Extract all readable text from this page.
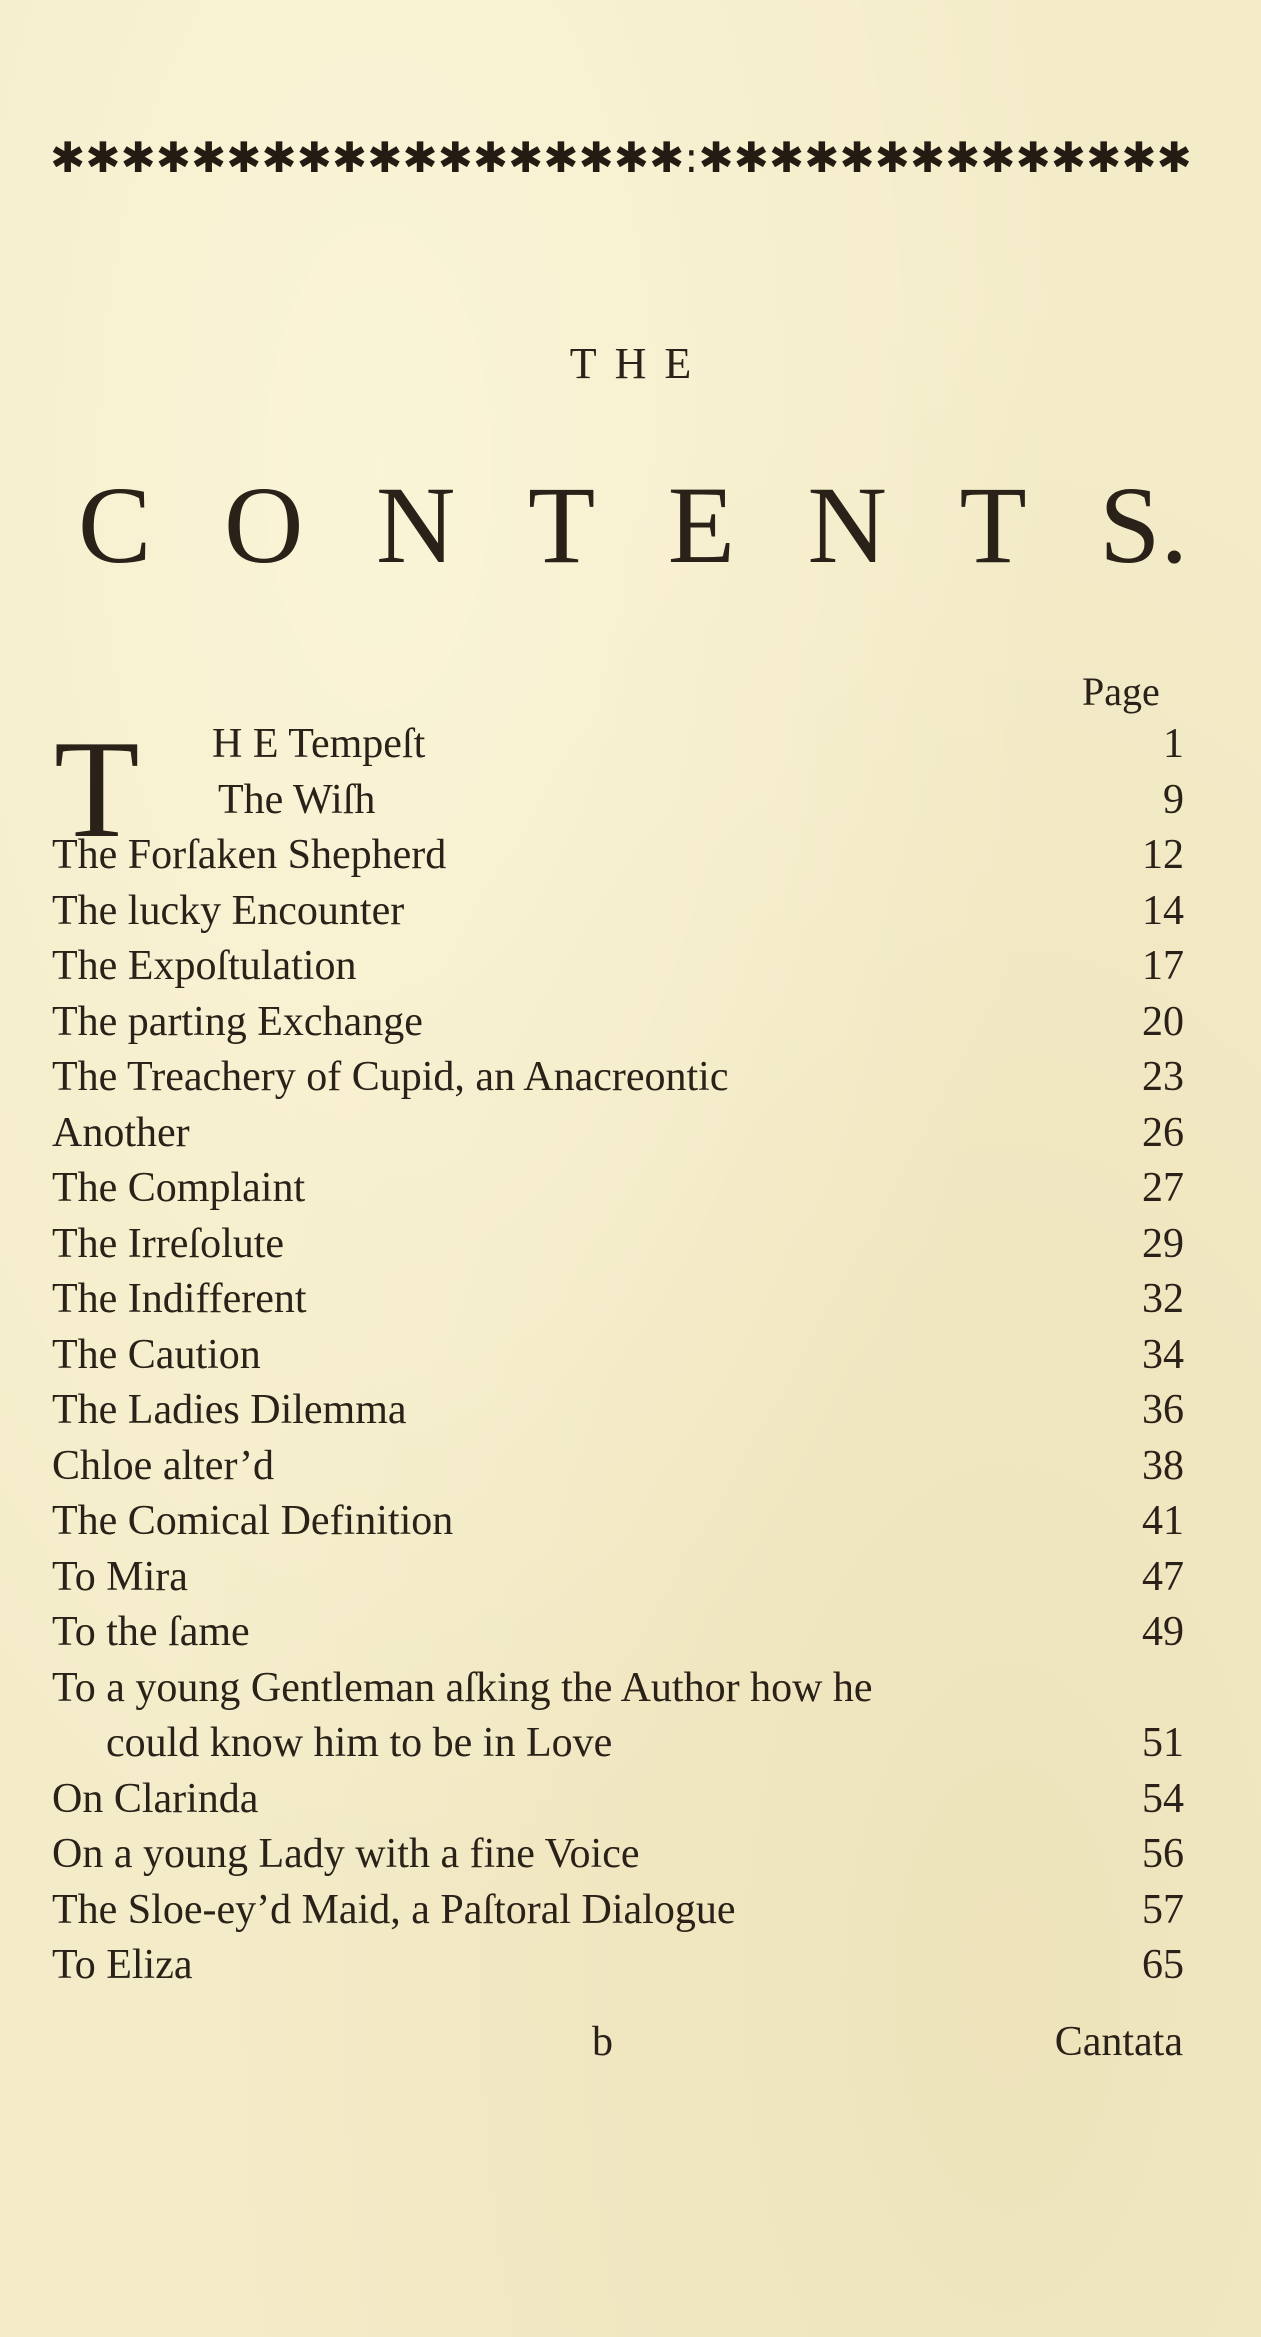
✱ ✱ ✱ ✱ ✱ ✱ ✱ ✱ ✱ ✱ ✱ ✱ ✱ ✱ ✱ ✱ ✱ ✱ : ✱ ✱ ✱ ✱ ✱ ✱ ✱ ✱ ✱ ✱ ✱ ✱ ✱ ✱
THE
C O N T E N T S.
Page
T H E Tempeſt	1
The Wiſh	9
The Forſaken Shepherd	12
The lucky Encounter	14
The Expoſtulation	17
The parting Exchange	20
The Treachery of Cupid, an Anacreontic	23
Another	26
The Complaint	27
The Irreſolute	29
The Indifferent	32
The Caution	34
The Ladies Dilemma	36
Chloe alter’d	38
The Comical Definition	41
To Mira	47
To the ſame	49
To a young Gentleman aſking the Author how he
could know him to be in Love	51
On Clarinda	54
On a young Lady with a fine Voice	56
The Sloe-ey’d Maid, a Paſtoral Dialogue	57
To Eliza	65
b	Cantata
